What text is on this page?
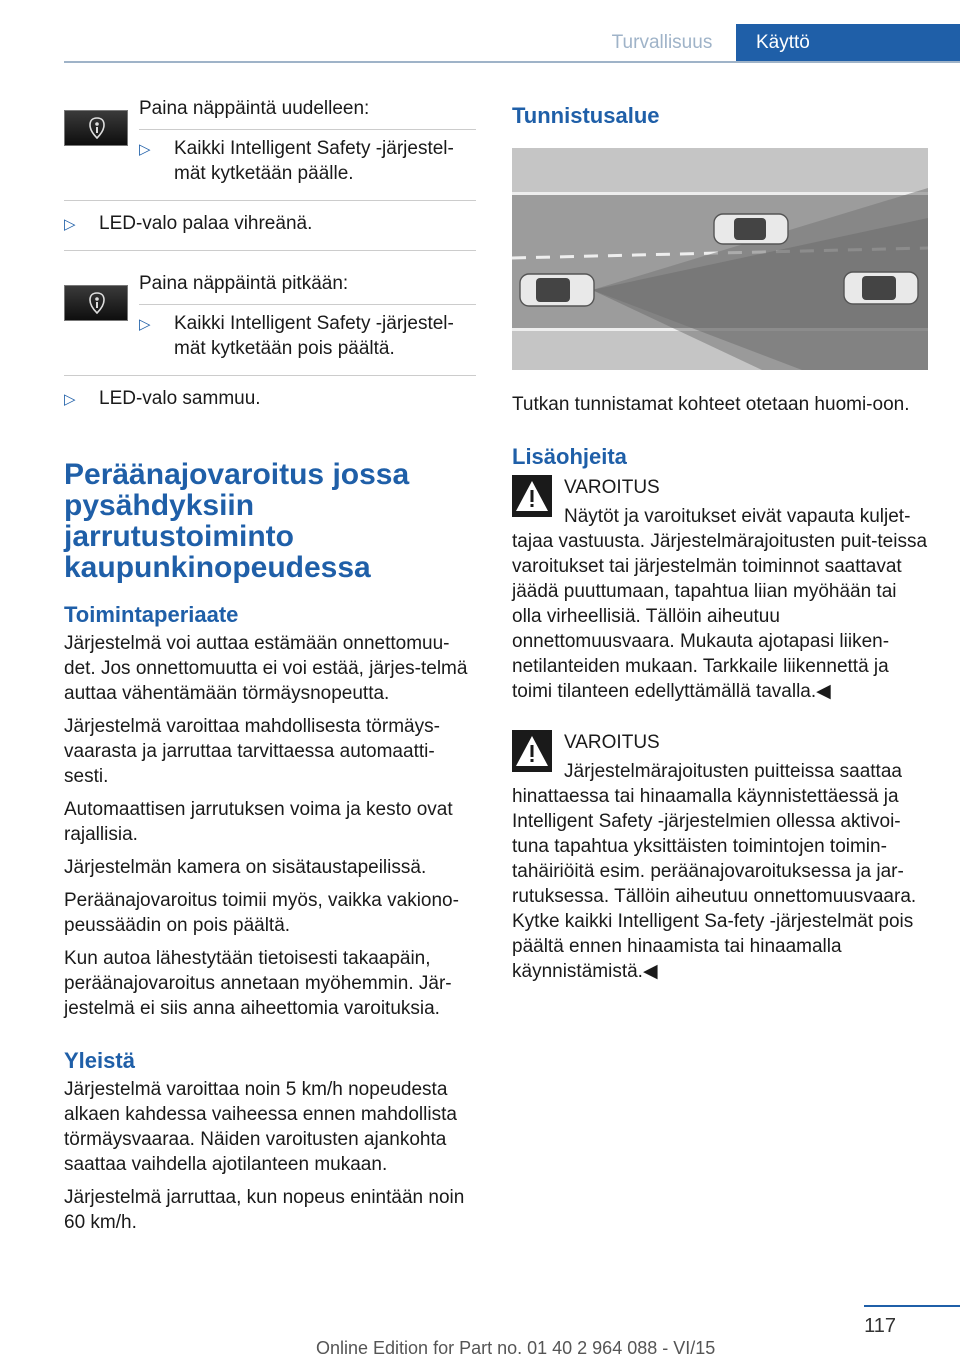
Turvallisuus	Käyttö

Paina näppäintä uudelleen:

▷ Kaikki Intelligent Safety -järjestel-mät kytketään päälle.

▷ LED-valo palaa vihreänä.

Paina näppäintä pitkään:

▷ Kaikki Intelligent Safety -järjestel-mät kytketään pois päältä.

▷ LED-valo sammuu.

Peräänajovaroitus jossa pysähdyksiin jarrutustoiminto kaupunkinopeudessa
Toimintaperiaate

Järjestelmä voi auttaa estämään onnettomuu-det. Jos onnettomuutta ei voi estää, järjes-telmä auttaa vähentämään törmäysnopeutta.

Järjestelmä varoittaa mahdollisesta törmäys-vaarasta ja jarruttaa tarvittaessa automaatti-sesti.

Automaattisen jarrutuksen voima ja kesto ovat rajallisia.

Järjestelmän kamera on sisätaustapeilissä.

Peräänajovaroitus toimii myös, vaikka vakiono-peussäädin on pois päältä.

Kun autoa lähestytään tietoisesti takaapäin, peräänajovaroitus annetaan myöhemmin. Jär-jestelmä ei siis anna aiheettomia varoituksia.

Yleistä

Järjestelmä varoittaa noin 5 km/h nopeudesta alkaen kahdessa vaiheessa ennen mahdollista törmäysvaaraa. Näiden varoitusten ajankohta saattaa vaihdella ajotilanteen mukaan.

Järjestelmä jarruttaa, kun nopeus enintään noin 60 km/h.

Tunnistusalue

Tutkan tunnistamat kohteet otetaan huomi-oon.

Lisäohjeita

VAROITUS

Näytöt ja varoitukset eivät vapauta kuljet-tajaa vastuusta. Järjestelmärajoitusten puit-teissa varoitukset tai järjestelmän toiminnot saattavat jäädä puuttumaan, tapahtua liian myöhään tai olla virheellisiä. Tällöin aiheutuu onnettomuusvaara. Mukauta ajotapasi liiken-netilanteiden mukaan. Tarkkaile liikennettä ja toimi tilanteen edellyttämällä tavalla.◀

VAROITUS

Järjestelmärajoitusten puitteissa saattaa hinattaessa tai hinaamalla käynnistettäessä ja Intelligent Safety -järjestelmien ollessa aktivoi-tuna tapahtua yksittäisten toimintojen toimin-tahäiriöitä esim. peräänajovaroituksessa ja jar-rutuksessa. Tällöin aiheutuu onnettomuusvaara. Kytke kaikki Intelligent Sa-fety -järjestelmät pois päältä ennen hinaamista tai hinaamalla käynnistämistä.◀

117
Online Edition for Part no. 01 40 2 964 088 - VI/15
